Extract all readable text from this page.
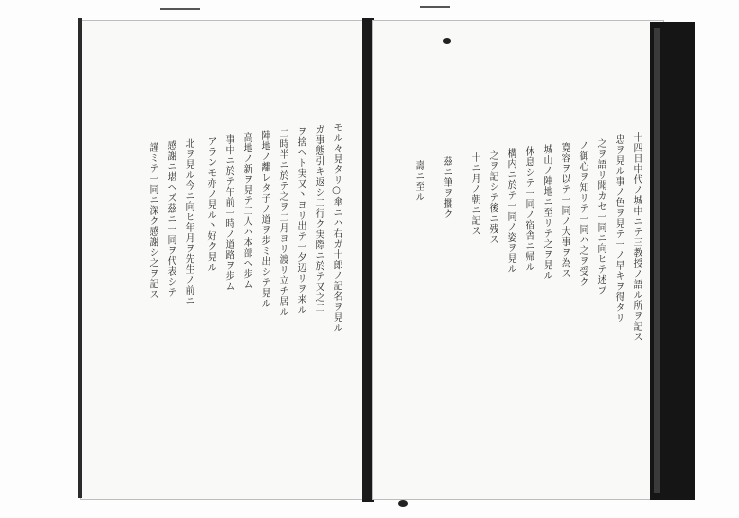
十四日中代ノ城中ニテ三教授ノ語ル所ヲ記ス
忠ヲ見ル事ノ色ヲ見テ一ノ早キヲ得タリ
之ヲ語リ聞カセ一同ニ向ヒテ述ブ
ノ御心ヲ知リテ一同ハ之ヲ受ク
寛容ヲ以テ一同ノ大事ヲ為ス
城山ノ陣地ニ至リテ之ヲ見ル
休息シテ一同ノ宿舎ニ帰ル
構内ニ於テ一同ノ姿ヲ見ル
之ヲ記シテ後ニ残ス
十ニ月ノ朝ニ記ス
茲ニ筆ヲ擱ク
壽ニ至ル
モル々見タリ○傘ニハ右ガ十郎ノ記名ヲ見ル
ガ事態引キ返シ二行ク実際ニ於テ又之二
ヲ捨ヘト実又丶ヨリ出テ一夕辺リヲ来ル
二時半ニ於テ之ヲ二月ヨリ渡リ立チ居ル
陣地ノ離レタ子ノ道ヲ歩ミ出シテ見ル
高地ノ新ヲ見テ二人ハ本部へ歩ム
事中ニ於テ午前一時ノ道路ヲ歩ム
アランモ亦ノ見ル丶好ク見ル
北ヲ見ル今ニ向ヒ年月ヲ先生ノ前ニ
感謝ニ堪ヘズ茲ニ一同ヲ代表シテ
謹ミテ一同ニ深ク感謝シ之ヲ記ス
